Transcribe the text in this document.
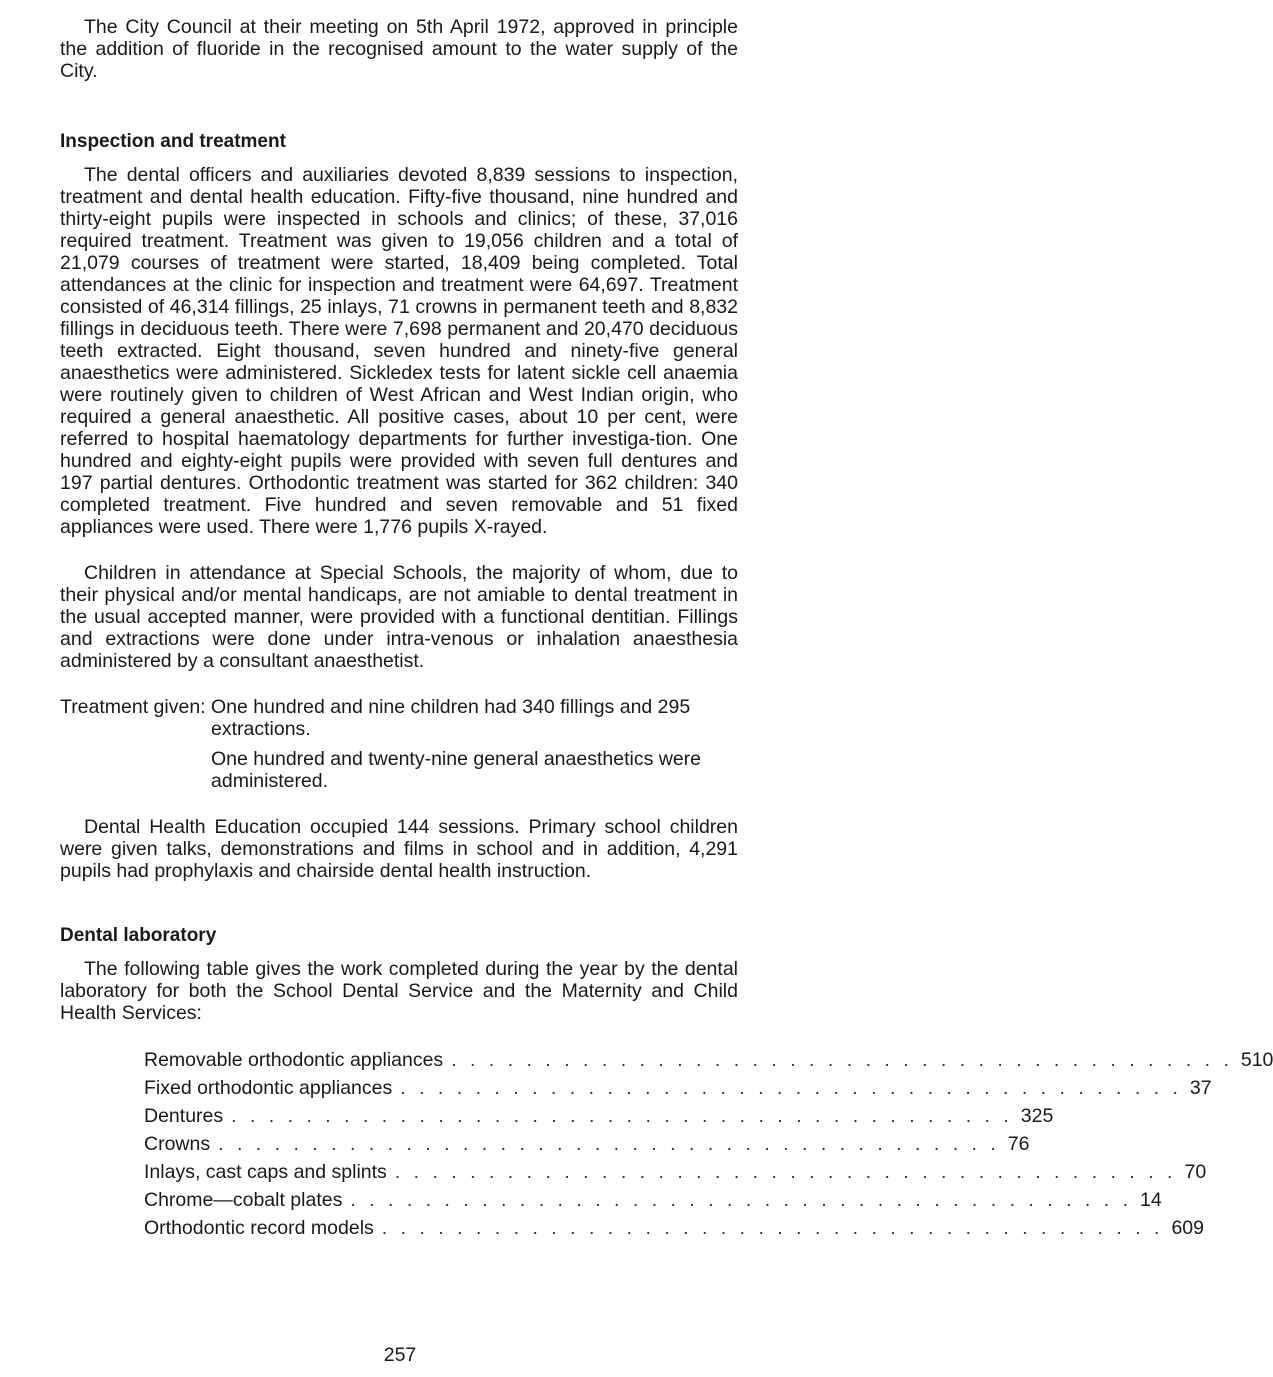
The City Council at their meeting on 5th April 1972, approved in principle the addition of fluoride in the recognised amount to the water supply of the City.

Inspection and treatment

The dental officers and auxiliaries devoted 8,839 sessions to inspection, treatment and dental health education. Fifty-five thousand, nine hundred and thirty-eight pupils were inspected in schools and clinics; of these, 37,016 required treatment. Treatment was given to 19,056 children and a total of 21,079 courses of treatment were started, 18,409 being completed. Total attendances at the clinic for inspection and treatment were 64,697. Treatment consisted of 46,314 fillings, 25 inlays, 71 crowns in permanent teeth and 8,832 fillings in deciduous teeth. There were 7,698 permanent and 20,470 deciduous teeth extracted. Eight thousand, seven hundred and ninety-five general anaesthetics were administered. Sickledex tests for latent sickle cell anaemia were routinely given to children of West African and West Indian origin, who required a general anaesthetic. All positive cases, about 10 per cent, were referred to hospital haematology departments for further investiga-tion. One hundred and eighty-eight pupils were provided with seven full dentures and 197 partial dentures. Orthodontic treatment was started for 362 children: 340 completed treatment. Five hundred and seven removable and 51 fixed appliances were used. There were 1,776 pupils X-rayed.

Children in attendance at Special Schools, the majority of whom, due to their physical and/or mental handicaps, are not amiable to dental treatment in the usual accepted manner, were provided with a functional dentitian. Fillings and extractions were done under intra-venous or inhalation anaesthesia administered by a consultant anaesthetist.

Treatment given: One hundred and nine children had 340 fillings and 295 extractions.

One hundred and twenty-nine general anaesthetics were administered.

Dental Health Education occupied 144 sessions. Primary school children were given talks, demonstrations and films in school and in addition, 4,291 pupils had prophylaxis and chairside dental health instruction.

Dental laboratory

The following table gives the work completed during the year by the dental laboratory for both the School Dental Service and the Maternity and Child Health Services:

Removable orthodontic appliances . . . . . . . . . . . . . . . . . . . . . . . . . . . . . . . . . . . . . . . . . . 510
Fixed orthodontic appliances . . . . . . . . . . . . . . . . . . . . . . . . . . . . . . . . . . . . . . . . . . 37
Dentures . . . . . . . . . . . . . . . . . . . . . . . . . . . . . . . . . . . . . . . . . . 325
Crowns . . . . . . . . . . . . . . . . . . . . . . . . . . . . . . . . . . . . . . . . . . 76
Inlays, cast caps and splints . . . . . . . . . . . . . . . . . . . . . . . . . . . . . . . . . . . . . . . . . . 70
Chrome—cobalt plates . . . . . . . . . . . . . . . . . . . . . . . . . . . . . . . . . . . . . . . . . . 14
Orthodontic record models . . . . . . . . . . . . . . . . . . . . . . . . . . . . . . . . . . . . . . . . . . 609
257
